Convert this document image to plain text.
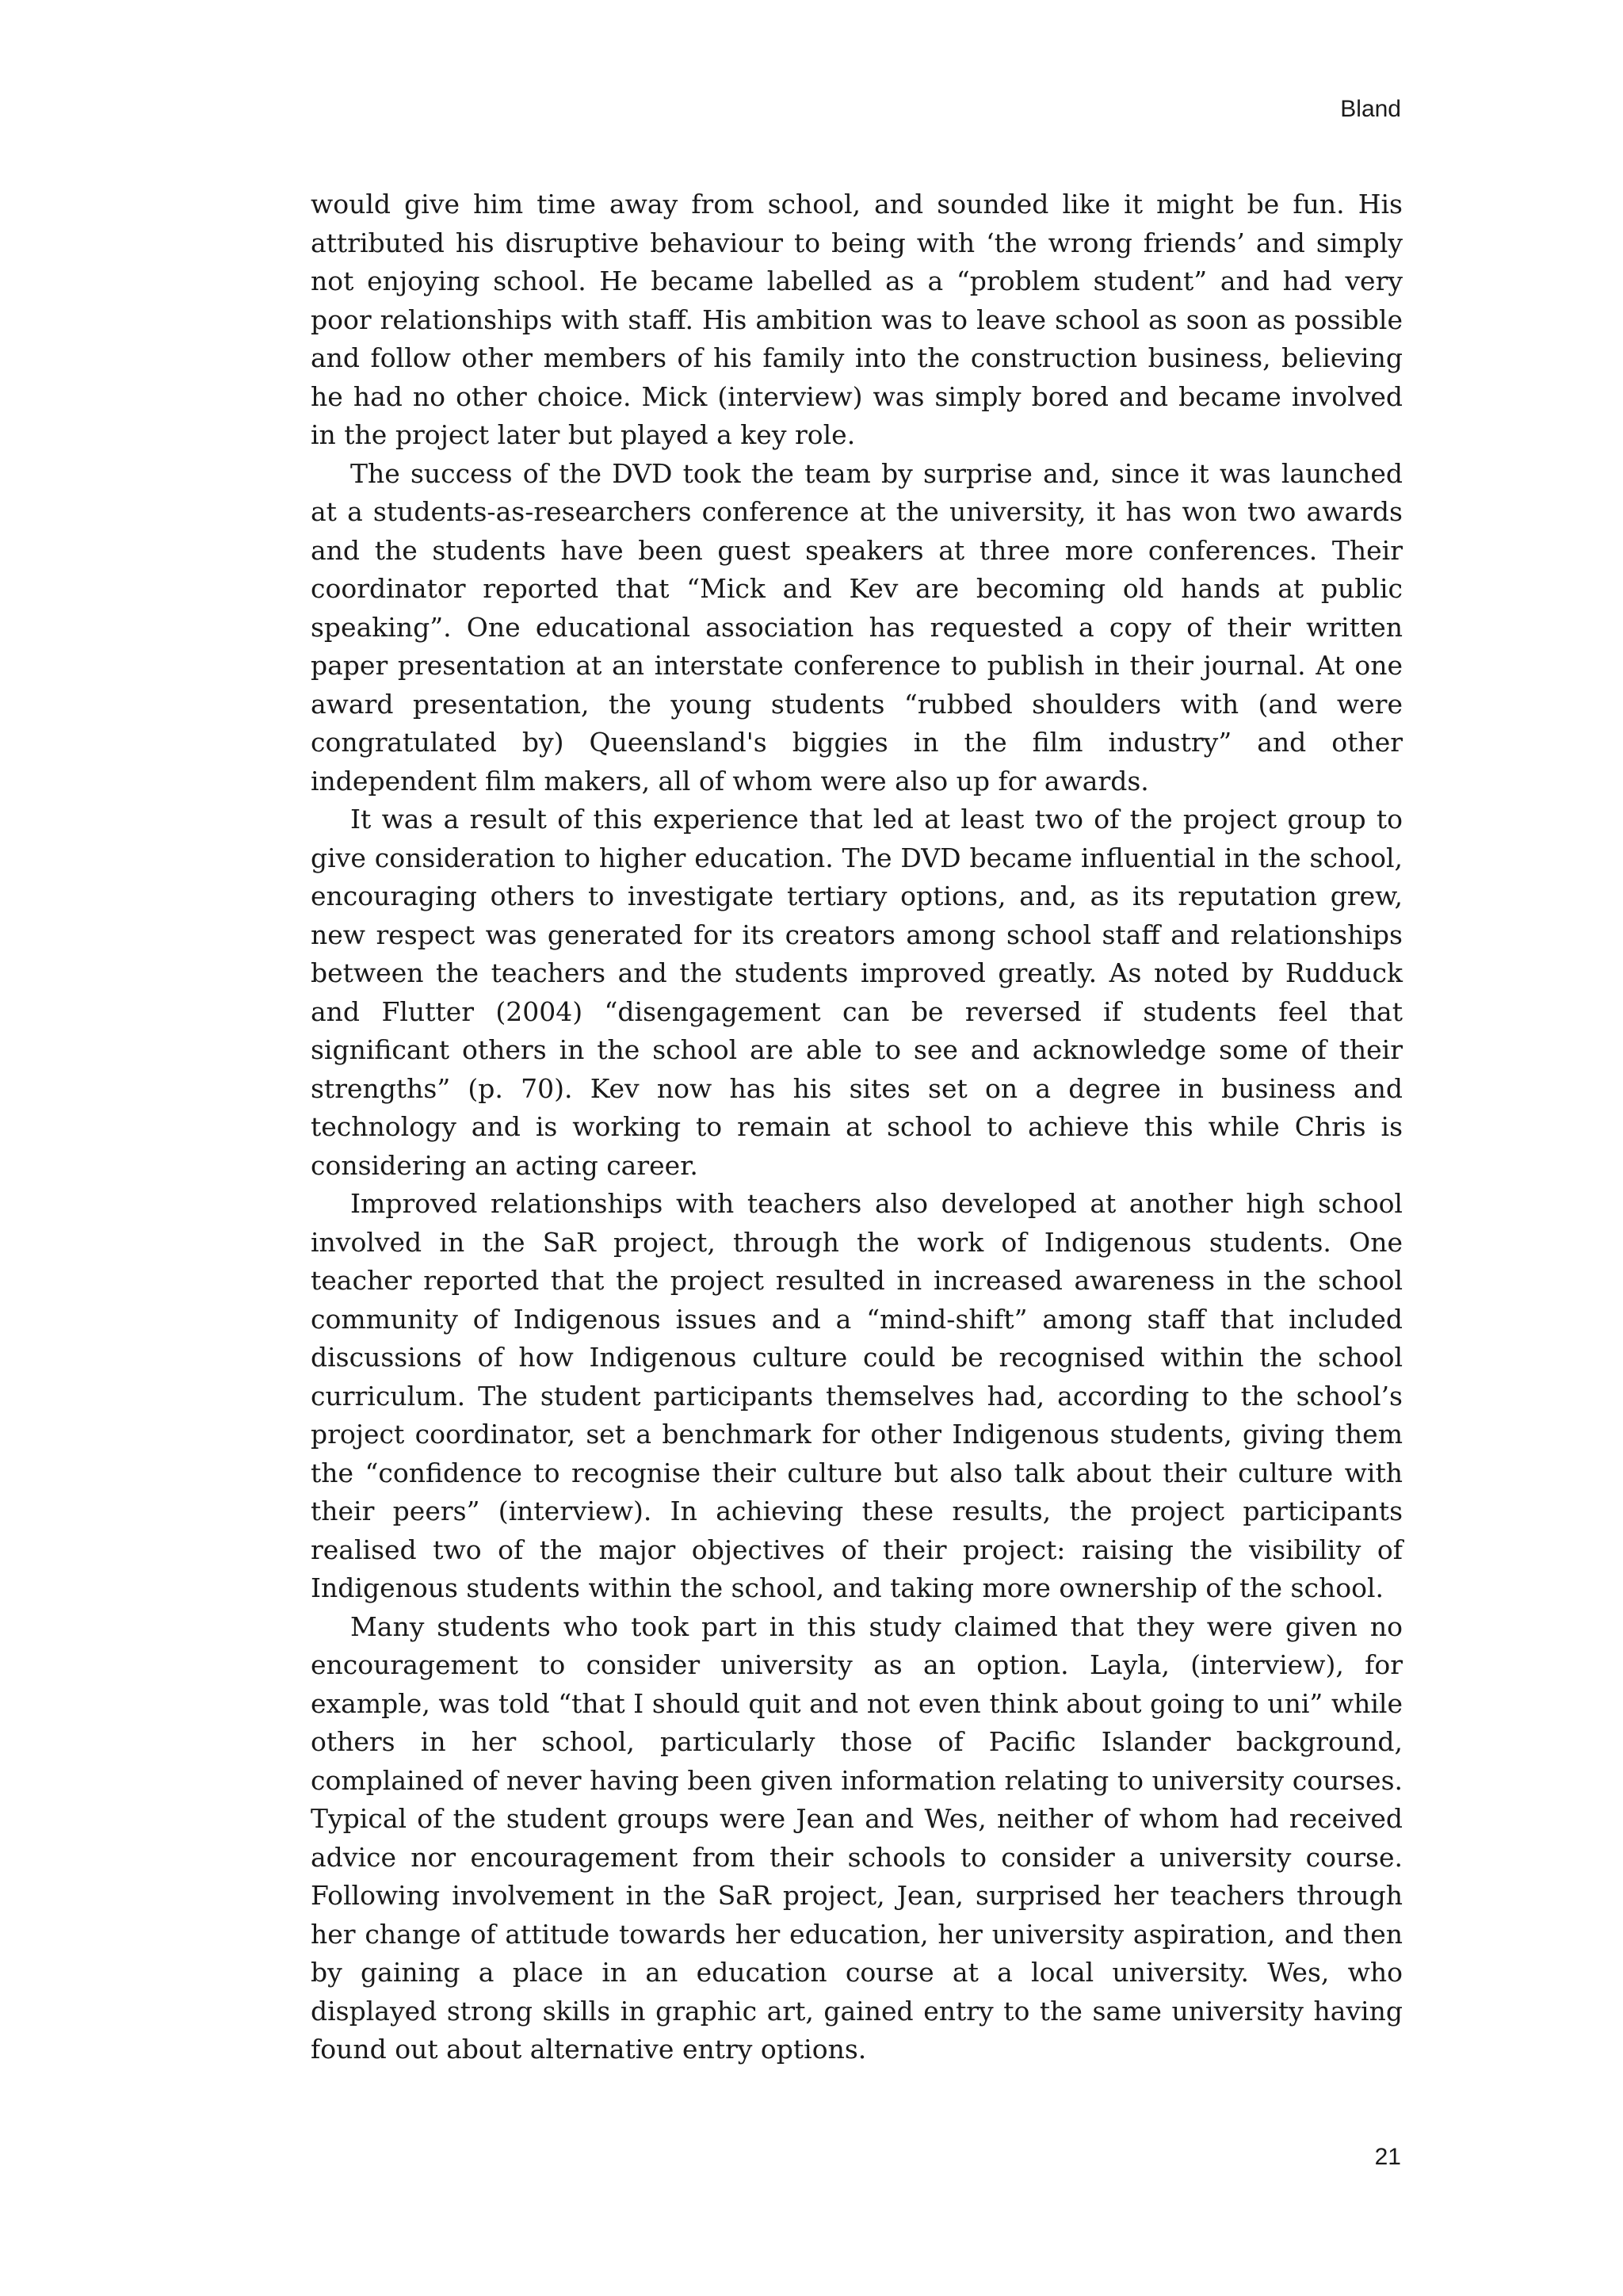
Bland

would give him time away from school, and sounded like it might be fun. His attributed his disruptive behaviour to being with ‘the wrong friends’ and simply not enjoying school. He became labelled as a “problem student” and had very poor relationships with staff. His ambition was to leave school as soon as possible and follow other members of his family into the construction business, believing he had no other choice. Mick (interview) was simply bored and became involved in the project later but played a key role.

The success of the DVD took the team by surprise and, since it was launched at a students-as-researchers conference at the university, it has won two awards and the students have been guest speakers at three more conferences. Their coordinator reported that “Mick and Kev are becoming old hands at public speaking”. One educational association has requested a copy of their written paper presentation at an interstate conference to publish in their journal. At one award presentation, the young students “rubbed shoulders with (and were congratulated by) Queensland's biggies in the film industry” and other independent film makers, all of whom were also up for awards.

It was a result of this experience that led at least two of the project group to give consideration to higher education. The DVD became influential in the school, encouraging others to investigate tertiary options, and, as its reputation grew, new respect was generated for its creators among school staff and relationships between the teachers and the students improved greatly. As noted by Rudduck and Flutter (2004) “disengagement can be reversed if students feel that significant others in the school are able to see and acknowledge some of their strengths” (p. 70). Kev now has his sites set on a degree in business and technology and is working to remain at school to achieve this while Chris is considering an acting career.

Improved relationships with teachers also developed at another high school involved in the SaR project, through the work of Indigenous students. One teacher reported that the project resulted in increased awareness in the school community of Indigenous issues and a “mind-shift” among staff that included discussions of how Indigenous culture could be recognised within the school curriculum. The student participants themselves had, according to the school’s project coordinator, set a benchmark for other Indigenous students, giving them the “confidence to recognise their culture but also talk about their culture with their peers” (interview). In achieving these results, the project participants realised two of the major objectives of their project: raising the visibility of Indigenous students within the school, and taking more ownership of the school.

Many students who took part in this study claimed that they were given no encouragement to consider university as an option. Layla, (interview), for example, was told “that I should quit and not even think about going to uni” while others in her school, particularly those of Pacific Islander background, complained of never having been given information relating to university courses. Typical of the student groups were Jean and Wes, neither of whom had received advice nor encouragement from their schools to consider a university course. Following involvement in the SaR project, Jean, surprised her teachers through her change of attitude towards her education, her university aspiration, and then by gaining a place in an education course at a local university. Wes, who displayed strong skills in graphic art, gained entry to the same university having found out about alternative entry options.

21
